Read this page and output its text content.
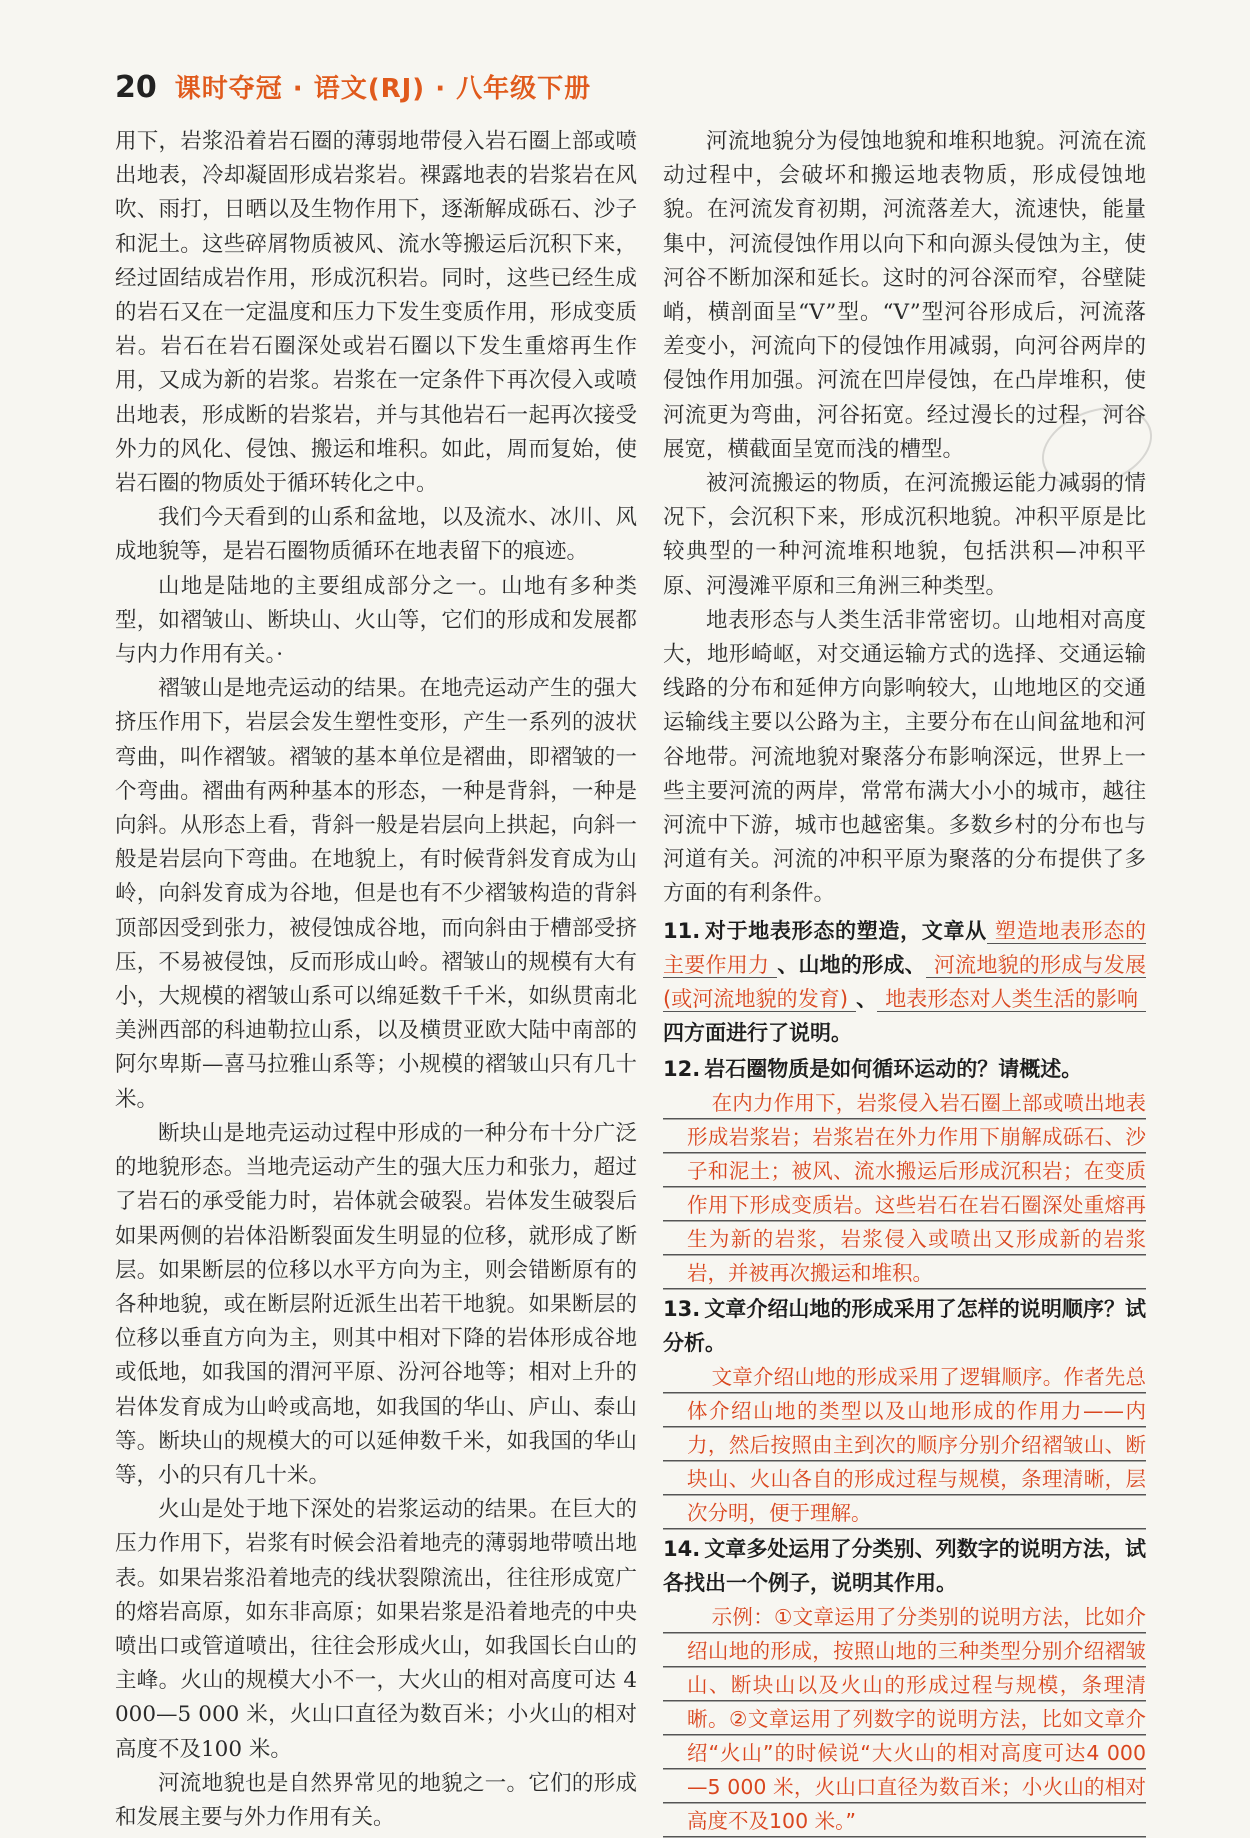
20 课时夺冠 · 语文(RJ) · 八年级下册

用下，岩浆沿着岩石圈的薄弱地带侵入岩石圈上部或喷出地表，冷却凝固形成岩浆岩。裸露地表的岩浆岩在风吹、雨打，日晒以及生物作用下，逐渐解成砾石、沙子和泥土。这些碎屑物质被风、流水等搬运后沉积下来，经过固结成岩作用，形成沉积岩。同时，这些已经生成的岩石又在一定温度和压力下发生变质作用，形成变质岩。岩石在岩石圈深处或岩石圈以下发生重熔再生作用，又成为新的岩浆。岩浆在一定条件下再次侵入或喷出地表，形成断的岩浆岩，并与其他岩石一起再次接受外力的风化、侵蚀、搬运和堆积。如此，周而复始，使岩石圈的物质处于循环转化之中。

我们今天看到的山系和盆地，以及流水、冰川、风成地貌等，是岩石圈物质循环在地表留下的痕迹。

山地是陆地的主要组成部分之一。山地有多种类型，如褶皱山、断块山、火山等，它们的形成和发展都与内力作用有关。·

褶皱山是地壳运动的结果。在地壳运动产生的强大挤压作用下，岩层会发生塑性变形，产生一系列的波状弯曲，叫作褶皱。褶皱的基本单位是褶曲，即褶皱的一个弯曲。褶曲有两种基本的形态，一种是背斜，一种是向斜。从形态上看，背斜一般是岩层向上拱起，向斜一般是岩层向下弯曲。在地貌上，有时候背斜发育成为山岭，向斜发育成为谷地，但是也有不少褶皱构造的背斜顶部因受到张力，被侵蚀成谷地，而向斜由于槽部受挤压，不易被侵蚀，反而形成山岭。褶皱山的规模有大有小，大规模的褶皱山系可以绵延数千千米，如纵贯南北美洲西部的科迪勒拉山系，以及横贯亚欧大陆中南部的阿尔卑斯—喜马拉雅山系等；小规模的褶皱山只有几十米。

断块山是地壳运动过程中形成的一种分布十分广泛的地貌形态。当地壳运动产生的强大压力和张力，超过了岩石的承受能力时，岩体就会破裂。岩体发生破裂后如果两侧的岩体沿断裂面发生明显的位移，就形成了断层。如果断层的位移以水平方向为主，则会错断原有的各种地貌，或在断层附近派生出若干地貌。如果断层的位移以垂直方向为主，则其中相对下降的岩体形成谷地或低地，如我国的渭河平原、汾河谷地等；相对上升的岩体发育成为山岭或高地，如我国的华山、庐山、泰山等。断块山的规模大的可以延伸数千米，如我国的华山等，小的只有几十米。

火山是处于地下深处的岩浆运动的结果。在巨大的压力作用下，岩浆有时候会沿着地壳的薄弱地带喷出地表。如果岩浆沿着地壳的线状裂隙流出，往往形成宽广的熔岩高原，如东非高原；如果岩浆是沿着地壳的中央喷出口或管道喷出，往往会形成火山，如我国长白山的主峰。火山的规模大小不一，大火山的相对高度可达 4 000—5 000 米，火山口直径为数百米；小火山的相对高度不及100 米。

河流地貌也是自然界常见的地貌之一。它们的形成和发展主要与外力作用有关。

河流地貌分为侵蚀地貌和堆积地貌。河流在流动过程中，会破坏和搬运地表物质，形成侵蚀地貌。在河流发育初期，河流落差大，流速快，能量集中，河流侵蚀作用以向下和向源头侵蚀为主，使河谷不断加深和延长。这时的河谷深而窄，谷壁陡峭，横剖面呈“V”型。“V”型河谷形成后，河流落差变小，河流向下的侵蚀作用减弱，向河谷两岸的侵蚀作用加强。河流在凹岸侵蚀，在凸岸堆积，使河流更为弯曲，河谷拓宽。经过漫长的过程，河谷展宽，横截面呈宽而浅的槽型。

被河流搬运的物质，在河流搬运能力减弱的情况下，会沉积下来，形成沉积地貌。冲积平原是比较典型的一种河流堆积地貌，包括洪积—冲积平原、河漫滩平原和三角洲三种类型。

地表形态与人类生活非常密切。山地相对高度大，地形崎岖，对交通运输方式的选择、交通运输线路的分布和延伸方向影响较大，山地地区的交通运输线主要以公路为主，主要分布在山间盆地和河谷地带。河流地貌对聚落分布影响深远，世界上一些主要河流的两岸，常常布满大小小的城市，越往河流中下游，城市也越密集。多数乡村的分布也与河道有关。河流的冲积平原为聚落的分布提供了多方面的有利条件。

11. 对于地表形态的塑造，文章从 塑造地表形态的主要作用力 、山地的形成、 河流地貌的形成与发展(或河流地貌的发育) 、 地表形态对人类生活的影响四方面进行了说明。
12. 岩石圈物质是如何循环运动的？请概述。
在内力作用下，岩浆侵入岩石圈上部或喷出地表形成岩浆岩；岩浆岩在外力作用下崩解成砾石、沙子和泥土；被风、流水搬运后形成沉积岩；在变质作用下形成变质岩。这些岩石在岩石圈深处重熔再生为新的岩浆，岩浆侵入或喷出又形成新的岩浆岩，并被再次搬运和堆积。
13. 文章介绍山地的形成采用了怎样的说明顺序？试分析。
文章介绍山地的形成采用了逻辑顺序。作者先总体介绍山地的类型以及山地形成的作用力——内力，然后按照由主到次的顺序分别介绍褶皱山、断块山、火山各自的形成过程与规模，条理清晰，层次分明，便于理解。
14. 文章多处运用了分类别、列数字的说明方法，试各找出一个例子，说明其作用。
示例：①文章运用了分类别的说明方法，比如介绍山地的形成，按照山地的三种类型分别介绍褶皱山、断块山以及火山的形成过程与规模，条理清晰。②文章运用了列数字的说明方法，比如文章介绍“火山”的时候说“大火山的相对高度可达4 000—5 000 米，火山口直径为数百米；小火山的相对高度不及100 米。”
